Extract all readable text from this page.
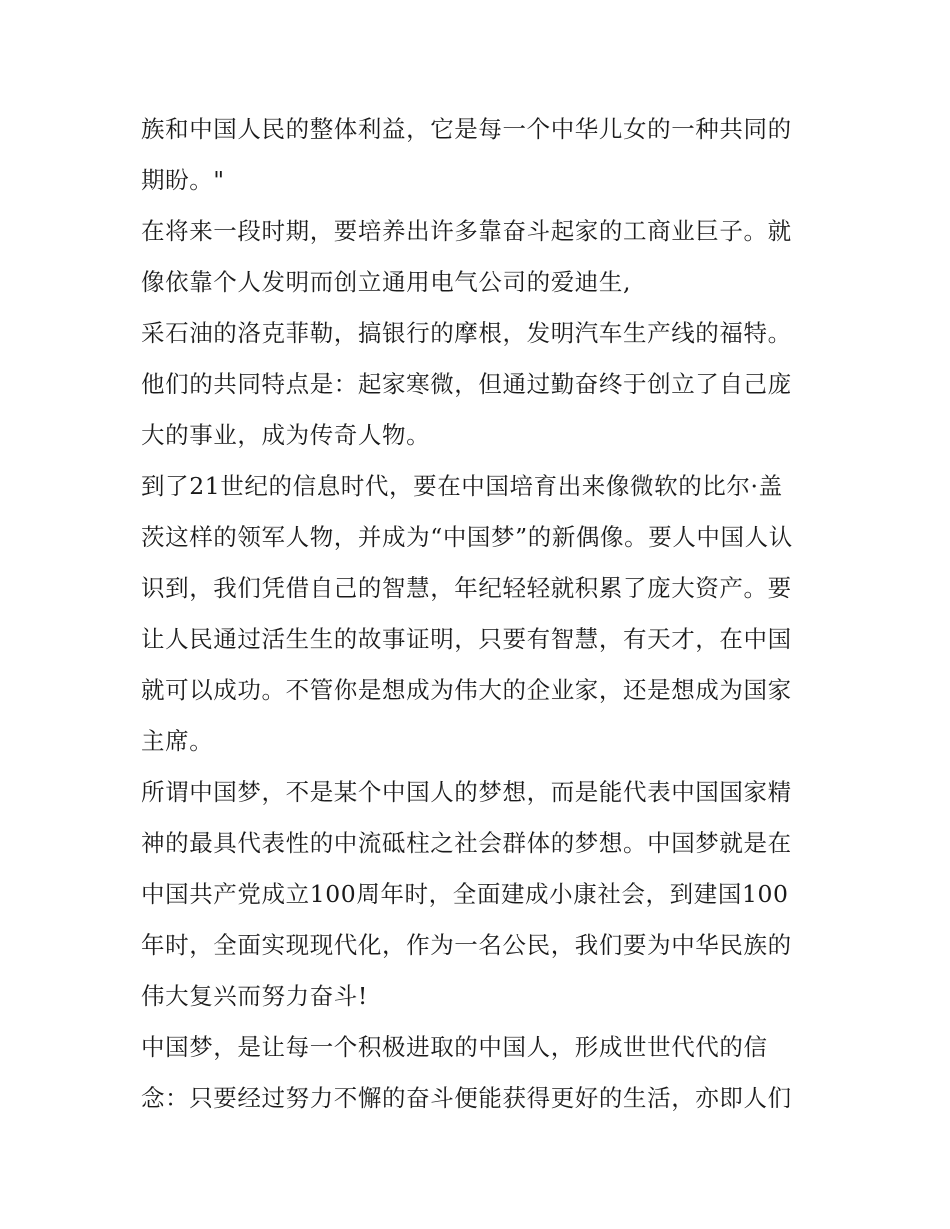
族和中国人民的整体利益，它是每一个中华儿女的一种共同的
期盼。"
在将来一段时期，要培养出许多靠奋斗起家的工商业巨子。就
像依靠个人发明而创立通用电气公司的爱迪生,
采石油的洛克菲勒，搞银行的摩根，发明汽车生产线的福特。
他们的共同特点是：起家寒微，但通过勤奋终于创立了自己庞
大的事业，成为传奇人物。
到了21世纪的信息时代，要在中国培育出来像微软的比尔·盖
茨这样的领军人物，并成为“中国梦”的新偶像。要人中国人认
识到，我们凭借自己的智慧，年纪轻轻就积累了庞大资产。要
让人民通过活生生的故事证明，只要有智慧，有天才，在中国
就可以成功。不管你是想成为伟大的企业家，还是想成为国家
主席。
所谓中国梦，不是某个中国人的梦想，而是能代表中国国家精
神的最具代表性的中流砥柱之社会群体的梦想。中国梦就是在
中国共产党成立100周年时，全面建成小康社会，到建国100
年时，全面实现现代化，作为一名公民，我们要为中华民族的
伟大复兴而努力奋斗!
中国梦，是让每一个积极进取的中国人，形成世世代代的信
念：只要经过努力不懈的奋斗便能获得更好的生活，亦即人们
